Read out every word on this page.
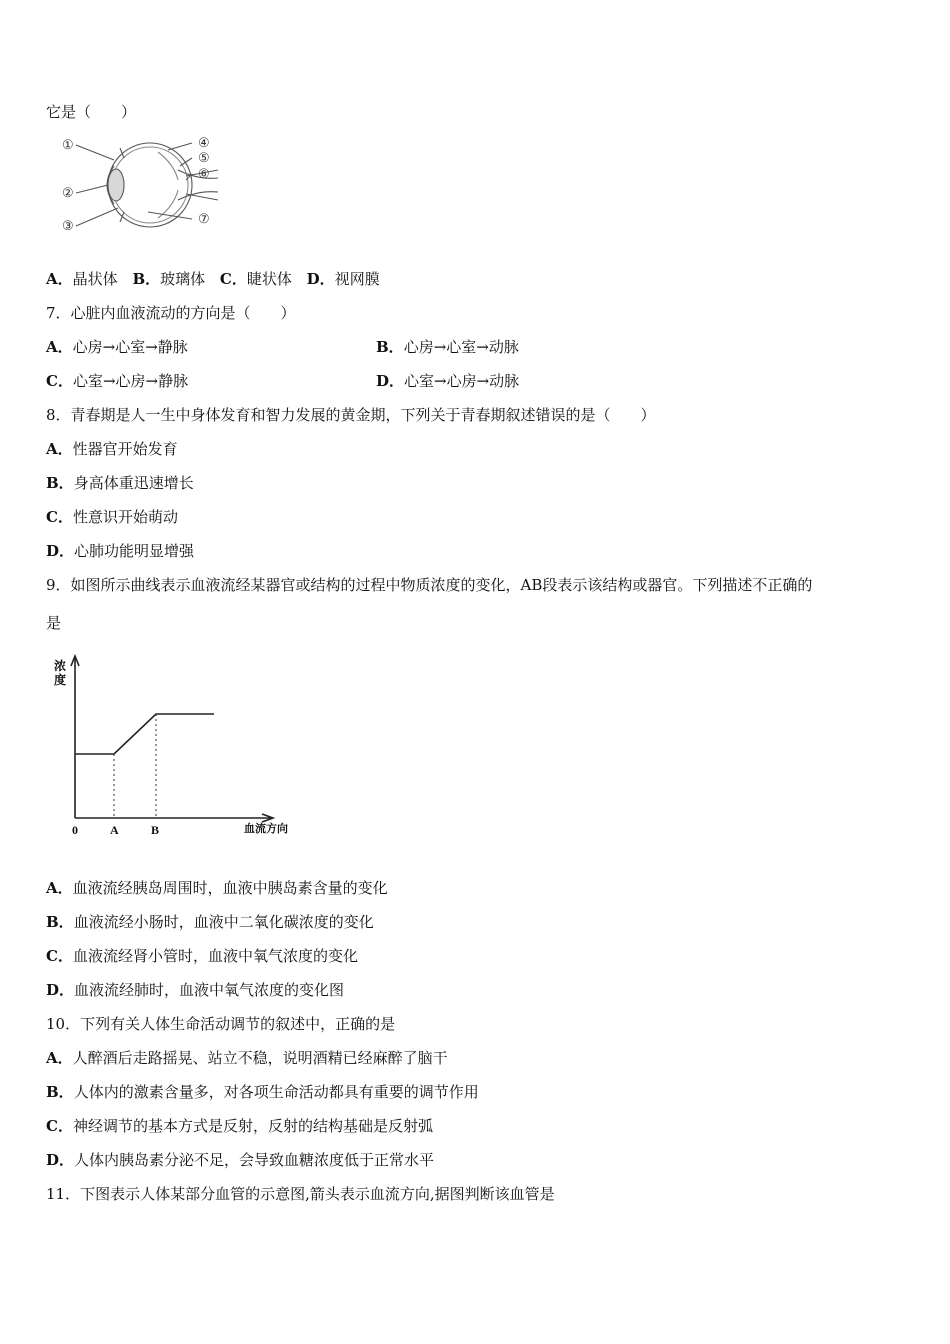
它是（　　）
①
②
③
④
⑤
⑥
⑦
A．晶状体 B．玻璃体 C．睫状体 D．视网膜
7．心脏内血液流动的方向是（　　）
A．心房→心室→静脉	B．心房→心室→动脉
C．心室→心房→静脉	D．心室→心房→动脉
8．青春期是人一生中身体发育和智力发展的黄金期，下列关于青春期叙述错误的是（　　）
A．性器官开始发育
B．身高体重迅速增长
C．性意识开始萌动
D．心肺功能明显增强
9．如图所示曲线表示血液流经某器官或结构的过程中物质浓度的变化，AB段表示该结构或器官。下列描述不正确的
是
浓
度
0	A	B	血流方向
A．血液流经胰岛周围时，血液中胰岛素含量的变化
B．血液流经小肠时，血液中二氧化碳浓度的变化
C．血液流经肾小管时，血液中氧气浓度的变化
D．血液流经肺时，血液中氧气浓度的变化图
10．下列有关人体生命活动调节的叙述中，正确的是
A．人醉酒后走路摇晃、站立不稳，说明酒精已经麻醉了脑干
B．人体内的激素含量多，对各项生命活动都具有重要的调节作用
C．神经调节的基本方式是反射，反射的结构基础是反射弧
D．人体内胰岛素分泌不足，会导致血糖浓度低于正常水平
11．下图表示人体某部分血管的示意图,箭头表示血流方向,据图判断该血管是
